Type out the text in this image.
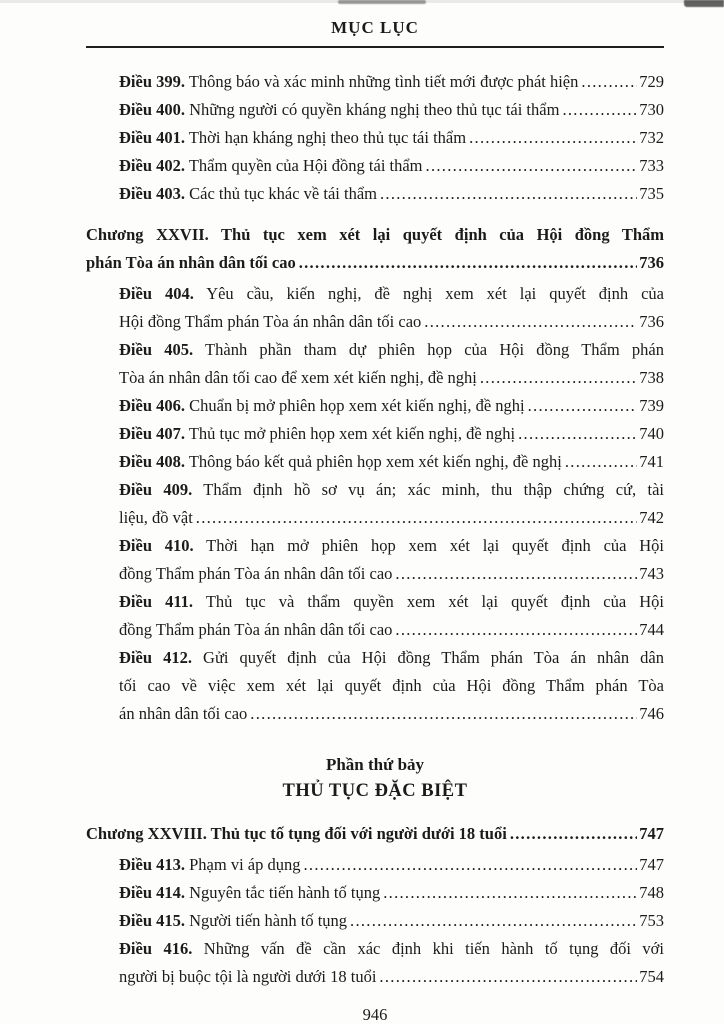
MỤC LỤC
Điều 399. Thông báo và xác minh những tình tiết mới được phát hiện .....	729
Điều 400. Những người có quyền kháng nghị theo thủ tục tái thẩm .....	730
Điều 401. Thời hạn kháng nghị theo thủ tục tái thẩm .....	732
Điều 402. Thẩm quyền của Hội đồng tái thẩm .....	733
Điều 403. Các thủ tục khác về tái thẩm .....	735
Chương XXVII. Thủ tục xem xét lại quyết định của Hội đồng Thẩm
phán Tòa án nhân dân tối cao .....	736
Điều 404. Yêu cầu, kiến nghị, đề nghị xem xét lại quyết định của
Hội đồng Thẩm phán Tòa án nhân dân tối cao .....	736
Điều 405. Thành phần tham dự phiên họp của Hội đồng Thẩm phán
Tòa án nhân dân tối cao để xem xét kiến nghị, đề nghị .....	738
Điều 406. Chuẩn bị mở phiên họp xem xét kiến nghị, đề nghị .....	739
Điều 407. Thủ tục mở phiên họp xem xét kiến nghị, đề nghị .....	740
Điều 408. Thông báo kết quả phiên họp xem xét kiến nghị, đề nghị .....	741
Điều 409. Thẩm định hồ sơ vụ án; xác minh, thu thập chứng cứ, tài
liệu, đồ vật .....	742
Điều 410. Thời hạn mở phiên họp xem xét lại quyết định của Hội
đồng Thẩm phán Tòa án nhân dân tối cao .....	743
Điều 411. Thủ tục và thẩm quyền xem xét lại quyết định của Hội
đồng Thẩm phán Tòa án nhân dân tối cao .....	744
Điều 412. Gửi quyết định của Hội đồng Thẩm phán Tòa án nhân dân
tối cao về việc xem xét lại quyết định của Hội đồng Thẩm phán Tòa
án nhân dân tối cao .....	746
Phần thứ bảy
THỦ TỤC ĐẶC BIỆT
Chương XXVIII. Thủ tục tố tụng đối với người dưới 18 tuổi .....	747
Điều 413. Phạm vi áp dụng .....	747
Điều 414. Nguyên tắc tiến hành tố tụng .....	748
Điều 415. Người tiến hành tố tụng .....	753
Điều 416. Những vấn đề cần xác định khi tiến hành tố tụng đối với
người bị buộc tội là người dưới 18 tuổi .....	754
946
